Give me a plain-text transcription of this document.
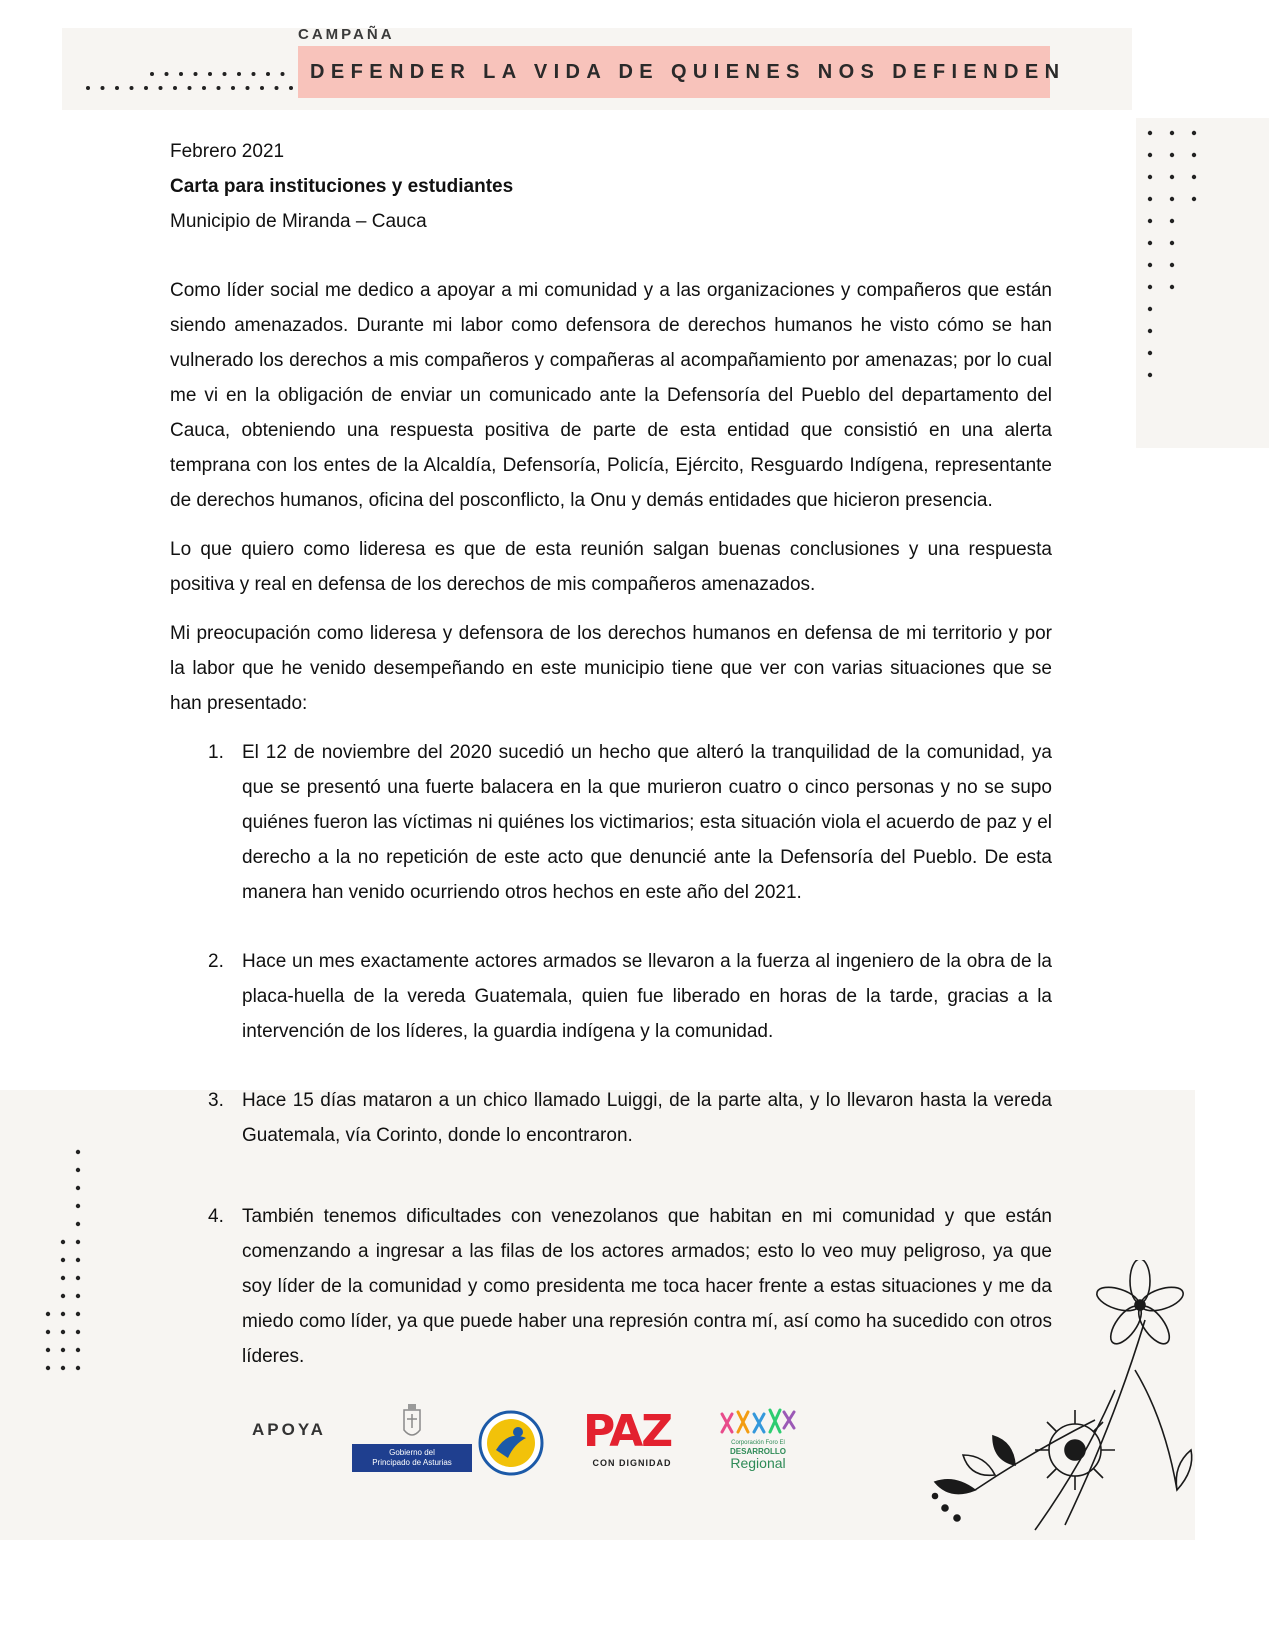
CAMPAÑA
DEFENDER LA VIDA DE QUIENES NOS DEFIENDEN

Febrero 2021

Carta para instituciones y estudiantes

Municipio de Miranda – Cauca

Como líder social me dedico a apoyar a mi comunidad y a las organizaciones y compañeros que están siendo amenazados. Durante mi labor como defensora de derechos humanos he visto cómo se han vulnerado los derechos a mis compañeros y compañeras al acompañamiento por amenazas; por lo cual me vi en la obligación de enviar un comunicado ante la Defensoría del Pueblo del departamento del Cauca, obteniendo una respuesta positiva de parte de esta entidad que consistió en una alerta temprana con los entes de la Alcaldía, Defensoría, Policía, Ejército, Resguardo Indígena, representante de derechos humanos, oficina del posconflicto, la Onu y demás entidades que hicieron presencia.

Lo que quiero como lideresa es que de esta reunión salgan buenas conclusiones y una respuesta positiva y real en defensa de los derechos de mis compañeros amenazados.

Mi preocupación como lideresa y defensora de los derechos humanos en defensa de mi territorio y por la labor que he venido desempeñando en este municipio tiene que ver con varias situaciones que se han presentado:

1. El 12 de noviembre del 2020 sucedió un hecho que alteró la tranquilidad de la comunidad, ya que se presentó una fuerte balacera en la que murieron cuatro o cinco personas y no se supo quiénes fueron las víctimas ni quiénes los victimarios; esta situación viola el acuerdo de paz y el derecho a la no repetición de este acto que denuncié ante la Defensoría del Pueblo. De esta manera han venido ocurriendo otros hechos en este año del 2021.
2. Hace un mes exactamente actores armados se llevaron a la fuerza al ingeniero de la obra de la placa-huella de la vereda Guatemala, quien fue liberado en horas de la tarde, gracias a la intervención de los líderes, la guardia indígena y la comunidad.
3. Hace 15 días mataron a un chico llamado Luiggi, de la parte alta, y lo llevaron hasta la vereda Guatemala, vía Corinto, donde lo encontraron.
4. También tenemos dificultades con venezolanos que habitan en mi comunidad y que están comenzando a ingresar a las filas de los actores armados; esto lo veo muy peligroso, ya que soy líder de la comunidad y como presidenta me toca hacer frente a estas situaciones y me da miedo como líder, ya que puede haber una represión contra mí, así como ha sucedido con otros líderes.
APOYA
Gobierno del
Principado de Asturias
PAZ
CON DIGNIDAD
Corporación Foro El
DESARROLLO
Regional
